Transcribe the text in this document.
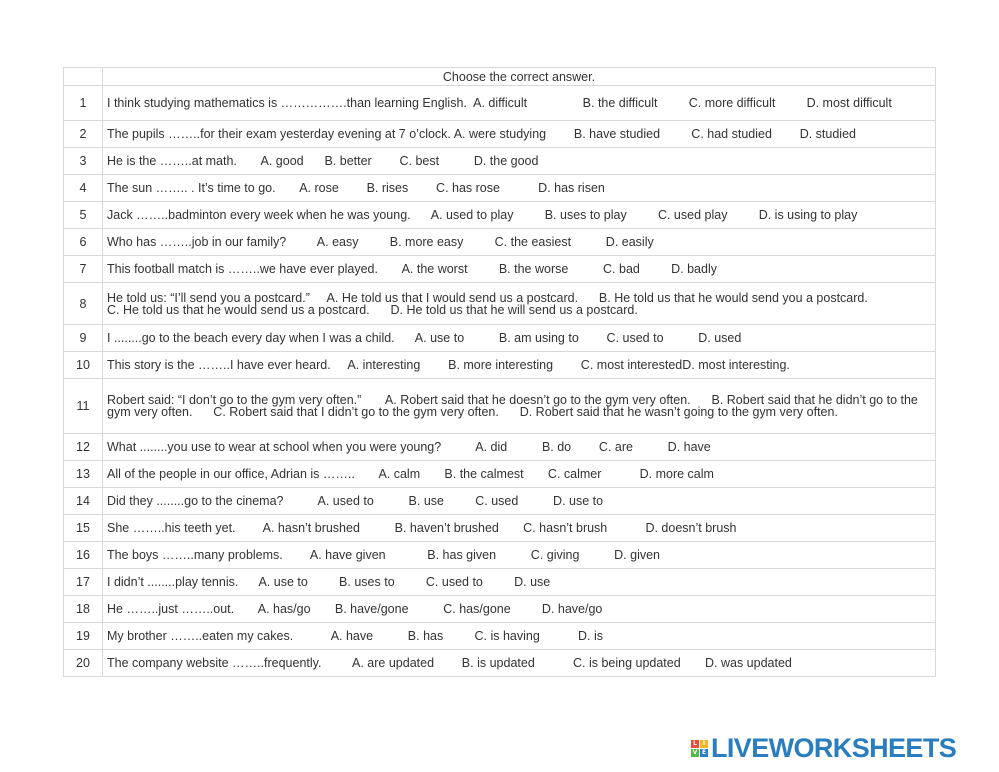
	Choose the correct answer.
1	I think studying mathematics is …………….than learning English.  A. difficult                B. the difficult         C. more difficult         D. most difficult
2	The pupils ……..for their exam yesterday evening at 7 o’clock. A. were studying        B. have studied         C. had studied        D. studied
3	He is the ……..at math.       A. good      B. better        C. best          D. the good
4	The sun …….. . It’s time to go.       A. rose        B. rises        C. has rose           D. has risen
5	Jack ……..badminton every week when he was young.      A. used to play         B. uses to play         C. used play         D. is using to play
6	Who has ……..job in our family?         A. easy         B. more easy         C. the easiest          D. easily
7	This football match is ……..we have ever played.       A. the worst         B. the worse          C. bad         D. badly
8	He told us: “I’ll send you a postcard.”     A. He told us that I would send us a postcard.      B. He told us that he would send you a postcard.
C. He told us that he would send us a postcard.      D. He told us that he will send us a postcard.
9	I ........go to the beach every day when I was a child.      A. use to          B. am using to        C. used to          D. used
10	This story is the ……..I have ever heard.     A. interesting        B. more interesting        C. most interestedD. most interesting.
11	Robert said: “I don’t go to the gym very often.”       A. Robert said that he doesn’t go to the gym very often.      B. Robert said that he didn’t go to the gym very often.      C. Robert said that I didn’t go to the gym very often.      D. Robert said that he wasn’t going to the gym very often.
12	What ........you use to wear at school when you were young?          A. did          B. do        C. are          D. have
13	All of the people in our office, Adrian is ……..       A. calm       B. the calmest       C. calmer           D. more calm
14	Did they ........go to the cinema?          A. used to          B. use         C. used          D. use to
15	She ……..his teeth yet.        A. hasn’t brushed          B. haven’t brushed       C. hasn’t brush           D. doesn’t brush
16	The boys ……..many problems.        A. have given            B. has given          C. giving          D. given
17	I didn’t ........play tennis.      A. use to         B. uses to         C. used to         D. use
18	He ……..just ……..out.       A. has/go       B. have/gone          C. has/gone         D. have/go
19	My brother ……..eaten my cakes.           A. have          B. has         C. is having           D. is
20	The company website ……..frequently.         A. are updated        B. is updated           C. is being updated       D. was updated
L I
V E LIVEWORKSHEETS
